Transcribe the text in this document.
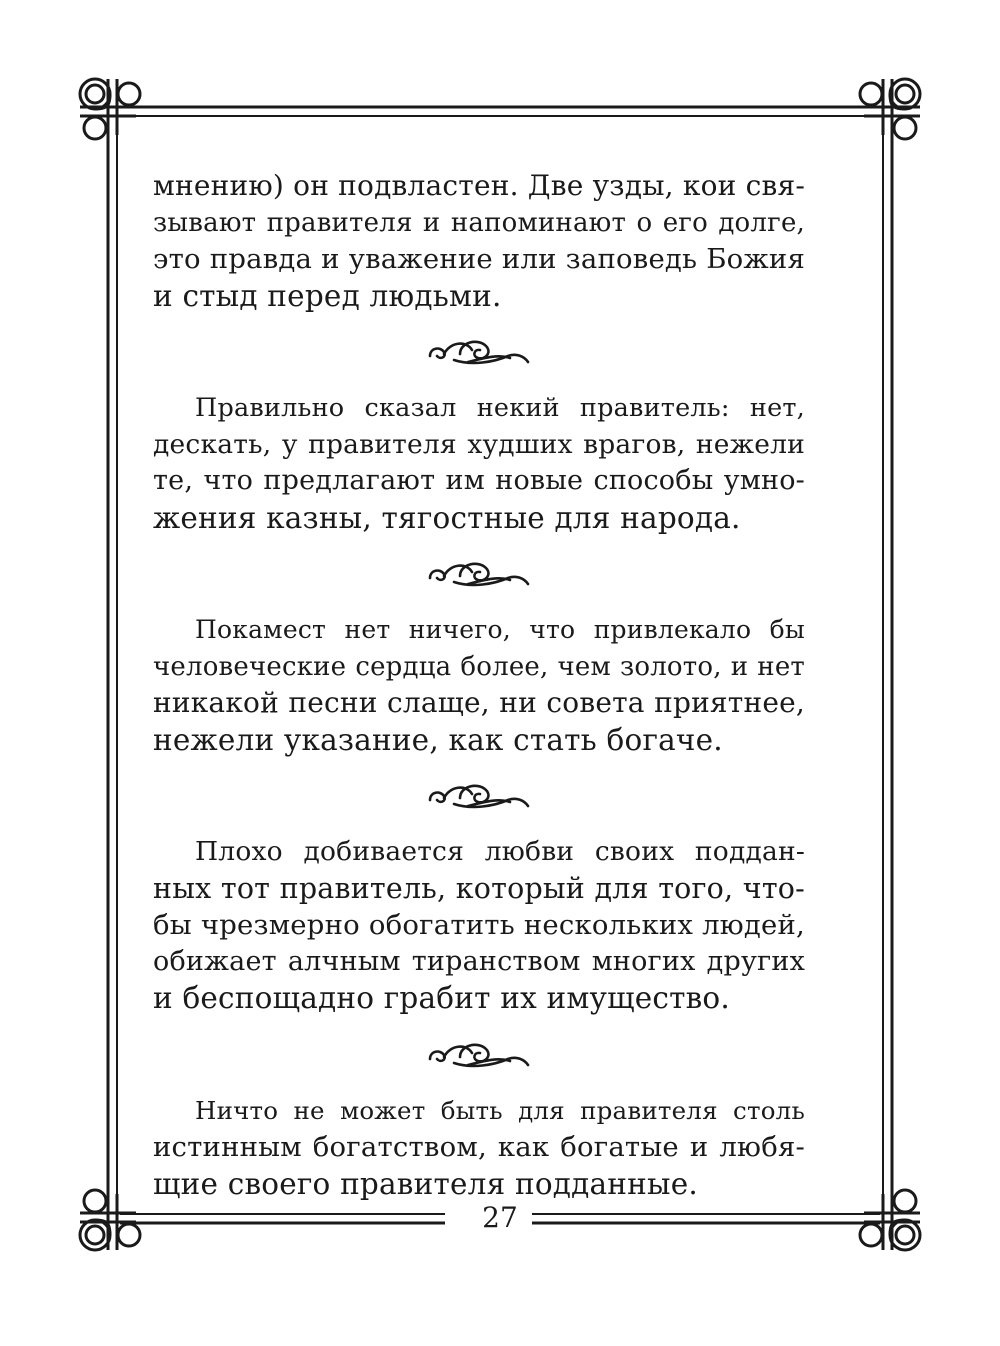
мнению) он подвластен. Две узды, кои свя-
зывают правителя и напоминают о его долге,
это правда и уважение или заповедь Божия
и стыд перед людьми.

Правильно сказал некий правитель: нет,
дескать, у правителя худших врагов, нежели
те, что предлагают им новые способы умно-
жения казны, тягостные для народа.

Покамест нет ничего, что привлекало бы
человеческие сердца более, чем золото, и нет
никакой песни слаще, ни совета приятнее,
нежели указание, как стать богаче.

Плохо добивается любви своих поддан-
ных тот правитель, который для того, что-
бы чрезмерно обогатить нескольких людей,
обижает алчным тиранством многих других
и беспощадно грабит их имущество.

Ничто не может быть для правителя столь
истинным богатством, как богатые и любя-
щие своего правителя подданные.

27
